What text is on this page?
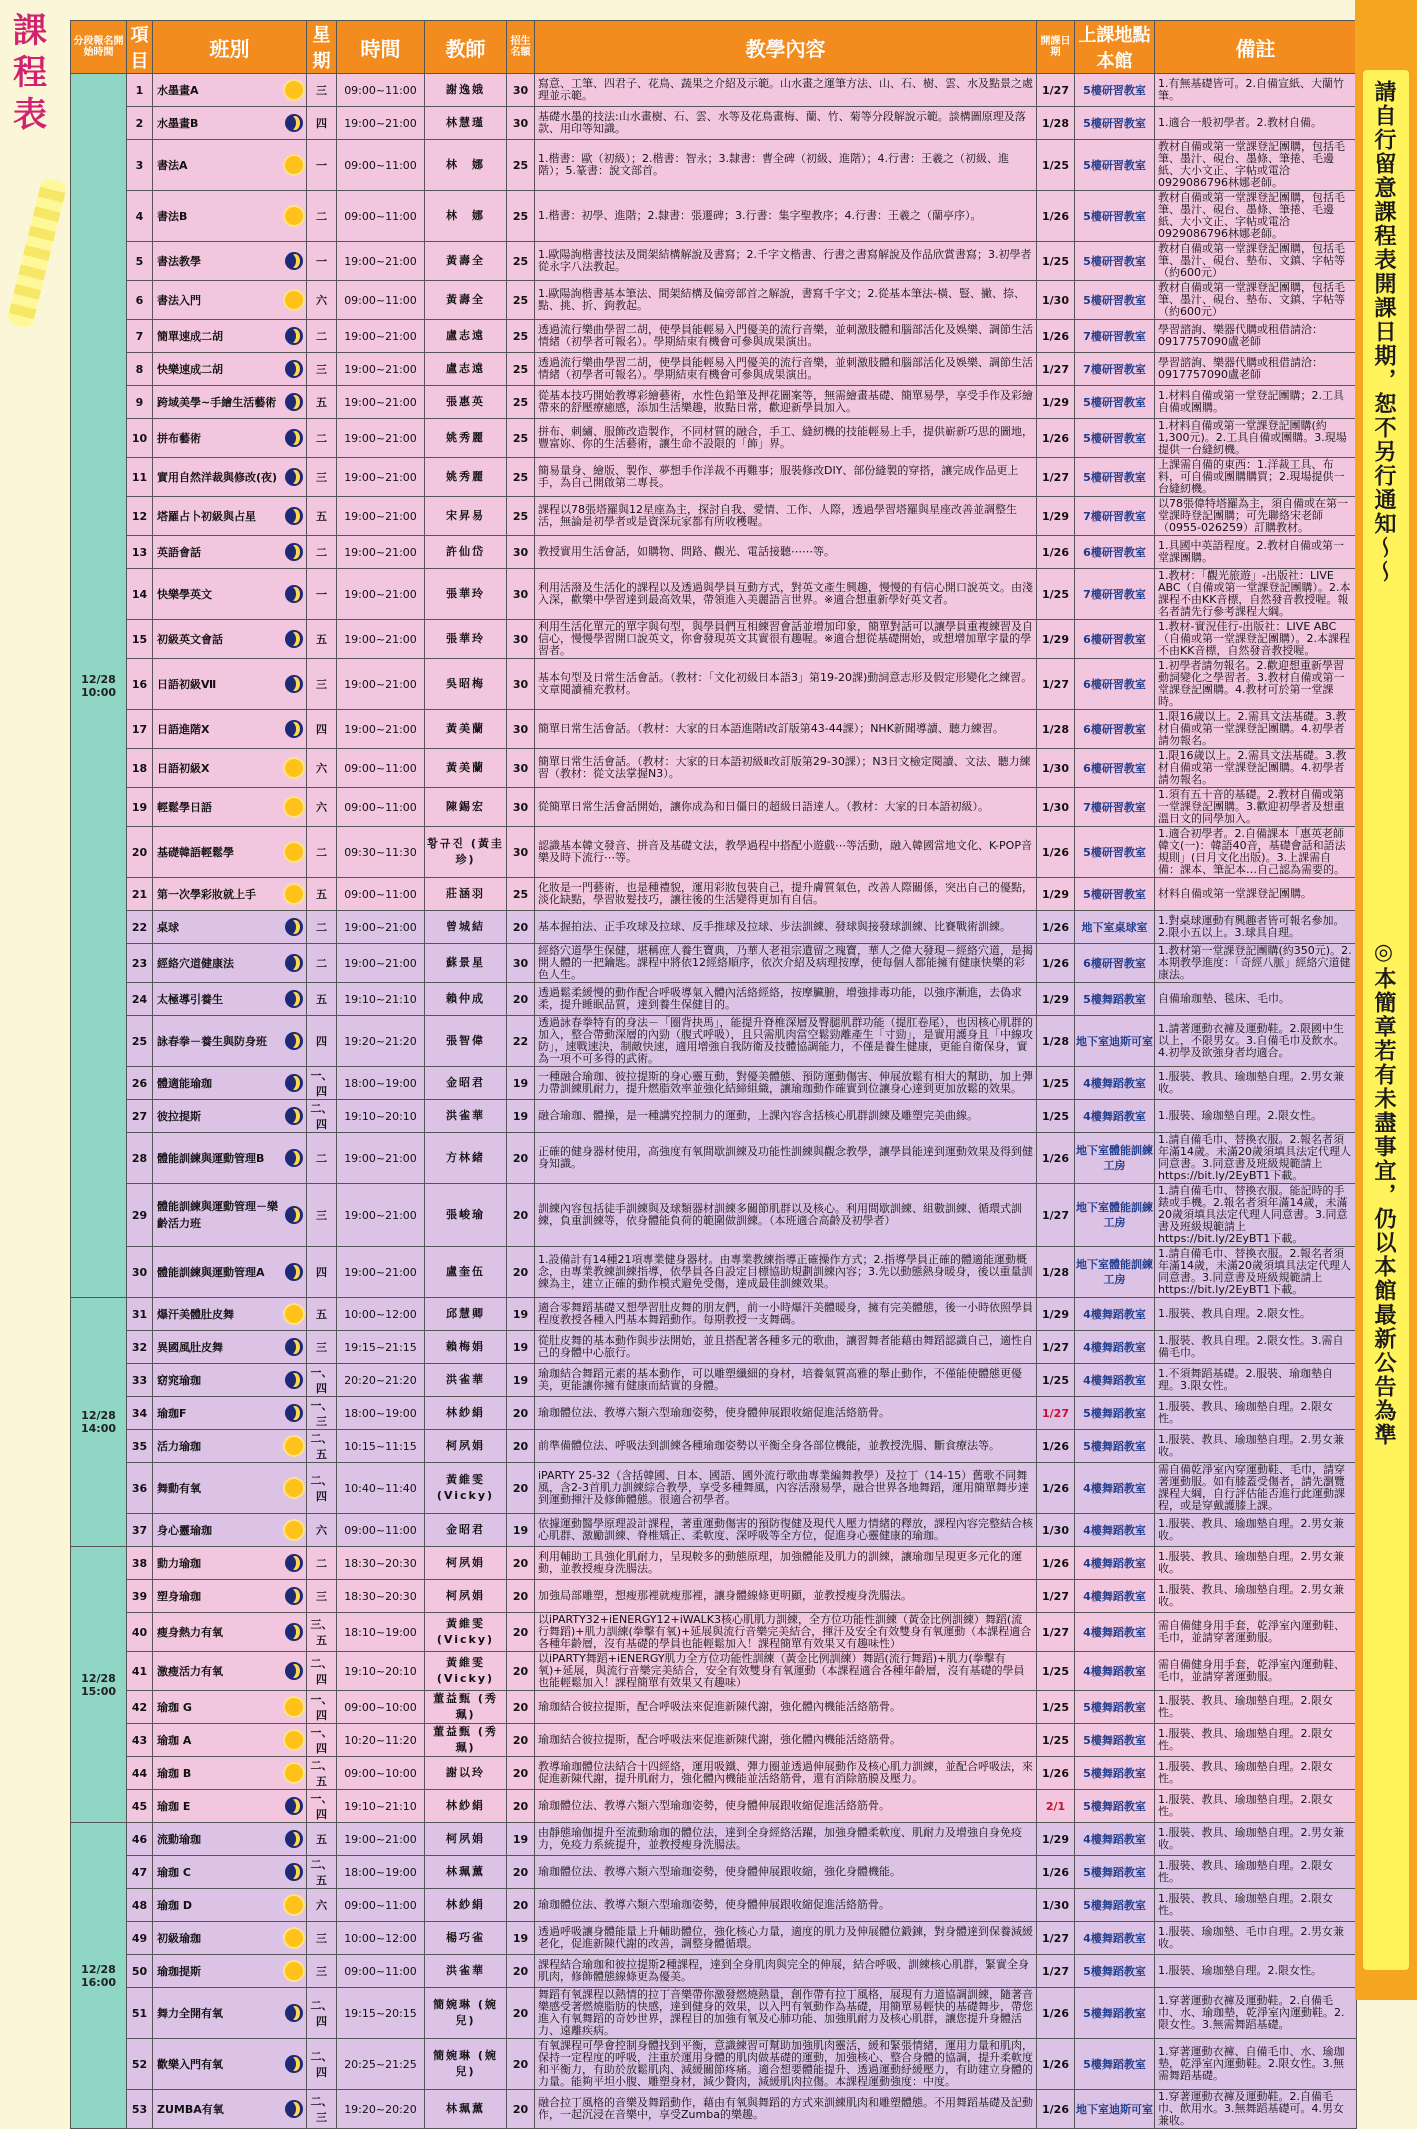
課
程
表
分段報名開始時間	項目	班別	星期	時間	教師	招生名額	教學內容	開課日期	上課地點本館	備註
12/28 10:00	1	水墨畫A	三	09:00~11:00	謝逸娥	30	寫意、工筆、四君子、花鳥、蔬果之介紹及示範。山水畫之運筆方法、山、石、樹、雲、水及點景之處理並示範。	1/27	5樓研習教室	1.有無基礎皆可。2.自備宣紙、大蘭竹筆。
	2	水墨畫B	四	19:00~21:00	林慧瑾	30	基礎水墨的技法:山水畫樹、石、雲、水等及花鳥畫梅、蘭、竹、菊等分段解說示範。談構圖原理及落款、用印等知識。	1/28	5樓研習教室	1.適合一般初學者。2.教材自備。
	3	書法A	一	09:00~11:00	林　娜	25	1.楷書：歐（初級）；2.楷書：智永；3.隸書：曹全碑（初級、進階）；4.行書：王羲之（初級、進階）；5.篆書：說文部首。	1/25	5樓研習教室	教材自備或第一堂課登記團購，包括毛筆、墨汁、硯台、墨條、筆捲、毛邊紙、大小文正、字帖或電洽0929086796林娜老師。
	4	書法B	二	09:00~11:00	林　娜	25	1.楷書：初學、進階；2.隸書：張遷碑；3.行書：集字聖教序；4.行書：王羲之（蘭亭序）。	1/26	5樓研習教室	教材自備或第一堂課登記團購，包括毛筆、墨汁、硯台、墨條、筆捲、毛邊紙、大小文正、字帖或電洽0929086796林娜老師。
	5	書法教學	一	19:00~21:00	黃壽全	25	1.歐陽詢楷書技法及間架結構解說及書寫；2.千字文楷書、行書之書寫解說及作品欣賞書寫；3.初學者從永字八法教起。	1/25	5樓研習教室	教材自備或第一堂課登記團購，包括毛筆、墨汁、硯台、墊布、文鎮、字帖等（約600元）
	6	書法入門	六	09:00~11:00	黃壽全	25	1.歐陽詢楷書基本筆法、間架結構及偏旁部首之解說，書寫千字文；2.從基本筆法-橫、豎、撇、捺、點、挑、折、鉤教起。	1/30	5樓研習教室	教材自備或第一堂課登記團購，包括毛筆、墨汁、硯台、墊布、文鎮、字帖等（約600元）
	7	簡單速成二胡	二	19:00~21:00	盧志遠	25	透過流行樂曲學習二胡，使學員能輕易入門優美的流行音樂，並刺激肢體和腦部活化及娛樂、調節生活情緒（初學者可報名）。學期結束有機會可參與成果演出。	1/26	7樓研習教室	學習諮詢、樂器代購或租借請洽：0917757090盧老師
	8	快樂速成二胡	三	19:00~21:00	盧志遠	25	透過流行樂曲學習二胡，使學員能輕易入門優美的流行音樂，並刺激肢體和腦部活化及娛樂、調節生活情緒（初學者可報名）。學期結束有機會可參與成果演出。	1/27	7樓研習教室	學習諮詢、樂器代購或租借請洽：0917757090盧老師
	9	跨域美學~手繪生活藝術	五	19:00~21:00	張惠英	25	從基本技巧開始教導彩繪藝術，水性色鉛筆及押花圖案等，無需繪畫基礎、簡單易學，享受手作及彩繪帶來的舒壓療癒感，添加生活樂趣，妝點日常，歡迎新學員加入。	1/29	5樓研習教室	1.材料自備或第一堂登記團購；2.工具自備或團購。
	10	拼布藝術	二	19:00~21:00	姚秀麗	25	拼布、刺繡、服飾改造製作，不同材質的融合，手工、縫紉機的技能輕易上手，提供嶄新巧思的圖地，豐富妳、你的生活藝術，讓生命不設限的「飾」界。	1/26	5樓研習教室	1.材料自備或第一堂課登記團購(約1,300元)。2.工具自備或團購。3.現場提供一台縫紉機。
	11	實用自然洋裁與修改(夜)	三	19:00~21:00	姚秀麗	25	簡易量身、繪版、製作、夢想手作洋裁不再難事；服裝修改DIY、部份縫製的穿搭，讓完成作品更上手，為自己開啟第二專長。	1/27	5樓研習教室	上課需自備的東西：1.洋裁工具、布料，可自備或團購購買；2.現場提供一台縫紉機。
	12	塔羅占卜初級與占星	五	19:00~21:00	宋昇易	25	課程以78張塔羅與12星座為主，探討自我、愛情、工作、人際，透過學習塔羅與星座改善並調整生活，無論是初學者或是資深玩家都有所收穫喔。	1/29	7樓研習教室	以78張偉特塔羅為主，須自備或在第一堂課時登記團購；可先聯絡宋老師（0955-026259）訂購教材。
	13	英語會話	二	19:00~21:00	許仙岱	30	教授實用生活會話，如購物、問路、觀光、電話接聽⋯⋯等。	1/26	6樓研習教室	1.具國中英語程度。2.教材自備或第一堂課團購。
	14	快樂學英文	一	19:00~21:00	張華玲	30	利用活潑及生活化的課程以及透過與學員互動方式，對英文產生興趣，慢慢的有信心開口說英文。由淺入深，歡樂中學習達到最高效果，帶領進入美麗語言世界。※適合想重新學好英文者。	1/25	7樓研習教室	1.教材：「觀光旅遊」-出版社：LIVE ABC（自備或第一堂課登記團購）。2.本課程不由KK音標，自然發音教授喔。報名者請先行參考課程大綱。
	15	初級英文會話	五	19:00~21:00	張華玲	30	利用生活化單元的單字與句型，與學員們互相練習會話並增加印象，簡單對話可以讓學員重複練習及自信心，慢慢學習開口說英文，你會發現英文其實很有趣喔。※適合想從基礎開始，或想增加單字量的學習者。	1/29	6樓研習教室	1.教材-實況佳行-出版社：LIVE ABC（自備或第一堂課登記團購）。2.本課程不由KK音標，自然發音教授喔。
	16	日語初級Ⅶ	三	19:00~21:00	吳昭梅	30	基本句型及日常生活會話。（教材：「文化初級日本語3」第19-20課)動詞意志形及假定形變化之練習。文章閱讀補充教材。	1/27	6樓研習教室	1.初學者請勿報名。2.歡迎想重新學習動詞變化之學習者。3.教材自備或第一堂課登記團購。4.教材可於第一堂課時。
	17	日語進階Ⅹ	四	19:00~21:00	黃美蘭	30	簡單日常生活會話。（教材：大家的日本語進階Ⅰ改訂版第43-44課）；NHK新聞導讀、聽力練習。	1/28	6樓研習教室	1.限16歲以上。2.需具文法基礎。3.教材自備或第一堂課登記團購。4.初學者請勿報名。
	18	日語初級Ⅹ	六	09:00~11:00	黃美蘭	30	簡單日常生活會話。（教材：大家的日本語初級Ⅱ改訂版第29-30課）；N3日文檢定閱讀、文法、聽力練習（教材：從文法掌握N3）。	1/30	6樓研習教室	1.限16歲以上。2.需具文法基礎。3.教材自備或第一堂課登記團購。4.初學者請勿報名。
	19	輕鬆學日語	六	09:00~11:00	陳錫宏	30	從簡單日常生活會話開始，讓你成為和日僵日的超級日語達人。（教材：大家的日本語初級）。	1/30	7樓研習教室	1.須有五十音的基礎。2.教材自備或第一堂課登記團購。3.歡迎初學者及想重溫日文的同學加入。
	20	基礎韓語輕鬆學	二	09:30~11:30	황규진 (黃圭珍)	30	認識基本韓文發音、拼音及基礎文法，教學過程中搭配小遊戲⋯等活動，融入韓國當地文化、K-POP音樂及時下流行⋯等。	1/26	5樓研習教室	1.適合初學者。2.自備課本「惠英老師 韓文(一)：韓語40音，基礎會話和語法規則」(日月文化出版)。3.上課需自備：課本、筆記本…自己認為需要的。
	21	第一次學彩妝就上手	五	09:00~11:00	莊涵羽	25	化妝是一門藝術，也是種禮貌，運用彩妝包裝自己，提升膚質氣色，改善人際關係，突出自己的優點，淡化缺點，學習妝髮技巧，讓往後的生活變得更加有自信。	1/29	5樓研習教室	材料自備或第一堂課登記團購。
	22	桌球	二	19:00~21:00	曾城結	20	基本握拍法、正手攻球及拉球、反手推球及拉球、步法訓練、發球與接發球訓練、比賽戰術訓練。	1/26	地下室桌球室	1.對桌球運動有興趣者皆可報名參加。2.限小五以上。3.球具自理。
	23	經絡穴道健康法	二	19:00~21:00	蘇景星	30	經絡穴道學生保健，堪稱庶人養生寶典，乃華人老祖宗遺留之瑰寶，華人之偉大發現－經絡穴道，是揭開人體的一把鑰匙。課程中將依12經絡順序，依次介紹及病理按摩，使每個人都能擁有健康快樂的彩色人生。	1/26	6樓研習教室	1.教材第一堂課登記團購(約350元)。2.本期教學進度：「奇經八脈」經絡穴道健康法。
	24	太極導引養生	五	19:10~21:10	賴仲成	20	透過鬆柔緩慢的動作配合呼吸導氣入體內活絡經絡，按摩臟腑，增強排毒功能，以強序漸進，去偽求柔，提升睡眠品質，達到養生保健目的。	1/29	5樓舞蹈教室	自備瑜珈墊、毯床、毛巾。
	25	詠春拳－養生與防身班	四	19:20~21:20	張智偉	22	透過詠春拳特有的身法－「圈背抉馬」，能提升脊椎深層及臀腿肌群功能（提肛卷尾），也因核心肌群的加入，整合帶動深層的內勁（腹式呼吸），且只需肌肉當空鬆勁離產生「寸勁」，是實用護身且「中線攻防」，速戰速決，制敵快速，適用增強自我防衛及技體協調能力，不僅是養生健康，更能自衛保身，實為一項不可多得的武術。	1/28	地下室迪斯可室	1.請著運動衣褲及運動鞋。2.限國中生以上，不限男女。3.自備毛巾及飲水。4.初學及欲強身者均適合。
	26	體適能瑜珈	一、四	18:00~19:00	金昭君	19	一種融合瑜珈、彼拉提斯的身心靈互動，對優美體態、預防運動傷害、伸展放鬆有相大的幫助，加上彈力帶訓練肌耐力，提升燃脂效率並強化結締組織，讓瑜珈動作確實到位讓身心達到更加放鬆的效果。	1/25	4樓舞蹈教室	1.服裝、教具、瑜珈墊自理。2.男女兼收。
	27	彼拉提斯	二、四	19:10~20:10	洪雀華	19	融合瑜珈、體操，是一種講究控制力的運動，上課內容含括核心肌群訓練及雕塑完美曲線。	1/25	4樓舞蹈教室	1.服裝、瑜珈墊自理。2.限女性。
	28	體能訓練與運動管理B	二	19:00~21:00	方林緒	20	正確的健身器材使用，高強度有氧間歇訓練及功能性訓練與觀念教學，讓學員能達到運動效果及得到健身知識。	1/26	地下室體能訓練工房	1.請自備毛巾、替換衣服。2.報名者須年滿14歲。未滿20歲須填具法定代理人同意書。3.同意書及班級規範請上https://bit.ly/2EyBT1下載。
	29	體能訓練與運動管理－樂齡活力班	三	19:00~21:00	張峻瑜	20	訓練內容包括徒手訓練與及球類器材訓練多關節肌群以及核心。利用間歇訓練、組數訓練、循環式訓練，負重訓練等，依身體能負荷的範圍做訓練。（本班適合高齡及初學者）	1/27	地下室體能訓練工房	1.請自備毛巾、替換衣服。能記時的手錶或手機。2.報名者須年滿14歲，未滿20歲須填具法定代理人同意書。3.同意書及班級規範請上https://bit.ly/2EyBT1下載。
	30	體能訓練與運動管理A	四	19:00~21:00	盧奎伍	20	1.設備計有14種21項專業健身器材。由專業教練指導正確操作方式；2.指導學員正確的體適能運動概念，由專業教練訓練指導，依學員各自設定目標協助規劃訓練內容；3.先以動態熱身暖身，後以重量訓練為主，建立正確的動作模式避免受傷，達成最佳訓練效果。	1/28	地下室體能訓練工房	1.請自備毛巾、替換衣服。2.報名者須年滿14歲，未滿20歲須填具法定代理人同意書。3.同意書及班級規範請上https://bit.ly/2EyBT1下載。
12/28 14:00	31	爆汗美體肚皮舞	五	10:00~12:00	邱慧卿	19	適合零舞蹈基礎又想學習肚皮舞的朋友們，前一小時爆汗美體暖身，擁有完美體態，後一小時依照學員程度教授各種入門基本舞蹈動作。每期教授一支舞碼。	1/29	4樓舞蹈教室	1.服裝、教具自理。2.限女性。
	32	異國風肚皮舞	三	19:15~21:15	賴梅娟	19	從肚皮舞的基本動作與步法開始，並且搭配著各種多元的歌曲，讓習舞者能藉由舞蹈認識自己，適性自己的身體中心旅行。	1/27	4樓舞蹈教室	1.服裝、教具自理。2.限女性。3.需自備毛巾。
	33	窈窕瑜珈	一、四	20:20~21:20	洪雀華	19	瑜珈結合舞蹈元素的基本動作，可以雕塑纖細的身材，培養氣質高雅的舉止動作，不僅能使體態更優美，更能讓你擁有健康而結實的身體。	1/25	4樓舞蹈教室	1.不須舞蹈基礎。2.服裝、瑜珈墊自理。3.限女性。
	34	瑜珈F	一、三	18:00~19:00	林紗絹	20	瑜珈體位法、教導六類六型瑜珈姿勢，使身體伸展跟收縮促進活絡筋骨。	1/27	5樓舞蹈教室	1.服裝、教具、瑜珈墊自理。2.限女性。
	35	活力瑜珈	二、五	10:15~11:15	柯夙娟	20	前準備體位法、呼吸法到訓練各種瑜珈姿勢以平衡全身各部位機能，並教授洗腸、斷食療法等。	1/26	5樓舞蹈教室	1.服裝、教具、瑜珈墊自理。2.男女兼收。
	36	舞動有氧	二、四	10:40~11:40	黃維雯 (Vicky)	20	iPARTY 25-32（含括韓國、日本、國語、國外流行歌曲專業編舞教學）及拉丁（14-15）舊歌不同舞風，含2-3首肌力訓練綜合教學，享受多種舞風，內容活潑易學，融合世界各地舞蹈，運用簡單舞步達到運動揮汗及修飾體態。很適合初學者。	1/26	4樓舞蹈教室	需自備乾淨室內穿運動鞋、毛巾，請穿著運動服。如有膝蓋受傷者，請先瀏覽課程大綱，自行評估能否進行此運動課程，或是穿戴護膝上課。
	37	身心靈瑜珈	六	09:00~11:00	金昭君	19	依據運動醫學原理設計課程，著重運動傷害的預防復健及現代人壓力情緒的釋放，課程內容完整結合核心肌群、激勵訓練、脊椎矯正、柔軟度、深呼吸等全方位，促進身心靈健康的瑜珈。	1/30	4樓舞蹈教室	1.服裝、教具、瑜珈墊自理。2.男女兼收。
12/28 15:00	38	動力瑜珈	二	18:30~20:30	柯夙娟	20	利用輔助工具強化肌耐力，呈現較多的動態原理，加強體能及肌力的訓練，讓瑜珈呈現更多元化的運動，並教授瘦身洗腸法。	1/26	4樓舞蹈教室	1.服裝、教具、瑜珈墊自理。2.男女兼收。
	39	塑身瑜珈	三	18:30~20:30	柯夙娟	20	加強局部雕塑，想瘦那裡就瘦那裡，讓身體線條更明顯，並教授瘦身洗腸法。	1/27	4樓舞蹈教室	1.服裝、教具、瑜珈墊自理。2.男女兼收。
	40	瘦身熱力有氧	三、五	18:10~19:00	黃維雯 (Vicky)	20	以iPARTY32+iENERGY12+iWALK3核心肌肌力訓練，全方位功能性訓練（黃金比例訓練）舞蹈(流行舞蹈)+肌力訓練(拳擊有氧)+延展與流行音樂完美結合，揮汗及安全有效雙身有氧運動（本課程適合各種年齡層，沒有基礎的學員也能輕鬆加入！課程簡單有效果又有趣味性）	1/27	4樓舞蹈教室	需自備健身用手套，乾淨室內運動鞋、毛巾，並請穿著運動服。
	41	激瘦活力有氧	二、四	19:10~20:10	黃維雯 (Vicky)	20	以iPARTY舞蹈+iENERGY肌力全方位功能性訓練（黃金比例訓練）舞蹈(流行舞蹈)+肌力(拳擊有氧)+延展，與流行音樂完美結合，安全有效雙身有氧運動（本課程適合各種年齡層，沒有基礎的學員也能輕鬆加入！課程簡單有效果又有趣味）	1/25	4樓舞蹈教室	需自備健身用手套，乾淨室內運動鞋、毛巾，並請穿著運動服。
	42	瑜珈 G	一、四	09:00~10:00	董益甄 (秀珮)	20	瑜珈結合彼拉提斯，配合呼吸法來促進新陳代謝，強化體內機能活絡筋骨。	1/25	5樓舞蹈教室	1.服裝、教具、瑜珈墊自理。2.限女性。
	43	瑜珈 A	一、四	10:20~11:20	董益甄 (秀珮)	20	瑜珈結合彼拉提斯，配合呼吸法來促進新陳代謝，強化體內機能活絡筋骨。	1/25	5樓舞蹈教室	1.服裝、教具、瑜珈墊自理。2.限女性。
	44	瑜珈 B	二、五	09:00~10:00	謝以玲	20	教導瑜珈體位法結合十四經絡，運用吸鐵、彈力圈並透過伸展動作及核心肌力訓練，並配合呼吸法，來促進新陳代謝，提升肌耐力，強化體內機能並活絡筋骨，還有消除筋膜及壓力。	1/26	5樓舞蹈教室	1.服裝、教具、瑜珈墊自理。2.限女性。
	45	瑜珈 E	一、四	19:10~21:10	林紗絹	20	瑜珈體位法、教導六類六型瑜珈姿勢，使身體伸展跟收縮促進活絡筋骨。	2/1	5樓舞蹈教室	1.服裝、教具、瑜珈墊自理。2.限女性。
12/28 16:00	46	流動瑜珈	五	19:00~21:00	柯夙娟	19	由靜態瑜伽提升至流動瑜珈的體位法，達到全身經絡活躍，加強身體柔軟度、肌耐力及增強自身免疫力，免疫力系統提升，並教授瘦身洗腸法。	1/29	4樓舞蹈教室	1.服裝、教具、瑜珈墊自理。2.男女兼收。
	47	瑜珈 C	二、五	18:00~19:00	林珮薰	20	瑜珈體位法、教導六類六型瑜珈姿勢，使身體伸展跟收縮，強化身體機能。	1/26	5樓舞蹈教室	1.服裝、教具、瑜珈墊自理。2.限女性。
	48	瑜珈 D	六	09:00~11:00	林紗絹	20	瑜珈體位法、教導六類六型瑜珈姿勢，使身體伸展跟收縮促進活絡筋骨。	1/30	5樓舞蹈教室	1.服裝、教具、瑜珈墊自理。2.限女性。
	49	初級瑜珈	三	10:00~12:00	楊巧雀	19	透過呼吸讓身體能量上升輔助體位，強化核心力量，適度的肌力及伸展體位鍛鍊，對身體達到保養減緩老化，促進新陳代謝的改善，調整身體循環。	1/27	4樓舞蹈教室	1.服裝、瑜珈墊、毛巾自理。2.男女兼收。
	50	瑜珈提斯	三	09:00~11:00	洪雀華	20	課程結合瑜珈和彼拉提斯2種課程，達到全身肌肉與完全的伸展，結合呼吸、訓練核心肌群，緊實全身肌肉，修飾體態線條更為優美。	1/27	5樓舞蹈教室	1.服裝、瑜珈墊自理。2.限女性。
	51	舞力全開有氧	二、四	19:15~20:15	簡婉琳 (婉兒)	20	舞蹈有氧課程以熱情的拉丁音樂帶你激發燃燒熱量，創作帶有拉丁風格，展現有力道協調訓練，隨著音樂感受著燃燒脂肪的快感，達到健身的效果，以入門有氧動作為基礎，用簡單易輕快的基礎舞步，帶您進入有氧舞蹈的奇妙世界，課程目的加強有氧及心肺功能、加強肌耐力及核心肌群，讓您提升身體活力、遠離疾病。	1/26	5樓舞蹈教室	1.穿著運動衣褲及運動鞋。2.自備毛巾、水、瑜珈墊，乾淨室內運動鞋。2.限女性。3.無需舞蹈基礎。
	52	歡樂入門有氧	二、四	20:25~21:25	簡婉琳 (婉兒)	20	有氧課程可學會控制身體找到平衡，意識練習可幫助加強肌肉靈活，緩和緊張情緒，運用力量和肌肉，保持一定程度的呼吸，注重於運用身體的肌肉做基礎的運動，加強核心、整合身體的協調，提升柔軟度和平衡力，有助於放鬆肌肉、減緩關節疼痛。適合想要體能提升、透過運動紓緩壓力，有助建立身體的力量。能夠平坦小腹、雕塑身材，減少贅肉，減緩肌肉拉傷。本課程運動強度：中度。	1/26	5樓舞蹈教室	1.穿著運動衣褲、自備毛巾、水、瑜珈墊，乾淨室內運動鞋。2.限女性。3.無需舞蹈基礎。
	53	ZUMBA有氧	二、三	19:20~20:20	林珮薰	20	融合拉丁風格的音樂及舞蹈動作，藉由有氧與舞蹈的方式來訓練肌肉和雕塑體態。不用舞蹈基礎及記動作，一起沉浸在音樂中，享受Zumba的樂趣。	1/26	地下室迪斯可室	1.穿著運動衣褲及運動鞋。2.自備毛巾、飲用水。3.無舞蹈基礎可。4.男女兼收。
請自行留意課程表開課日期，恕不另行通知～～
◎本簡章若有未盡事宜，仍以本館最新公告為準
